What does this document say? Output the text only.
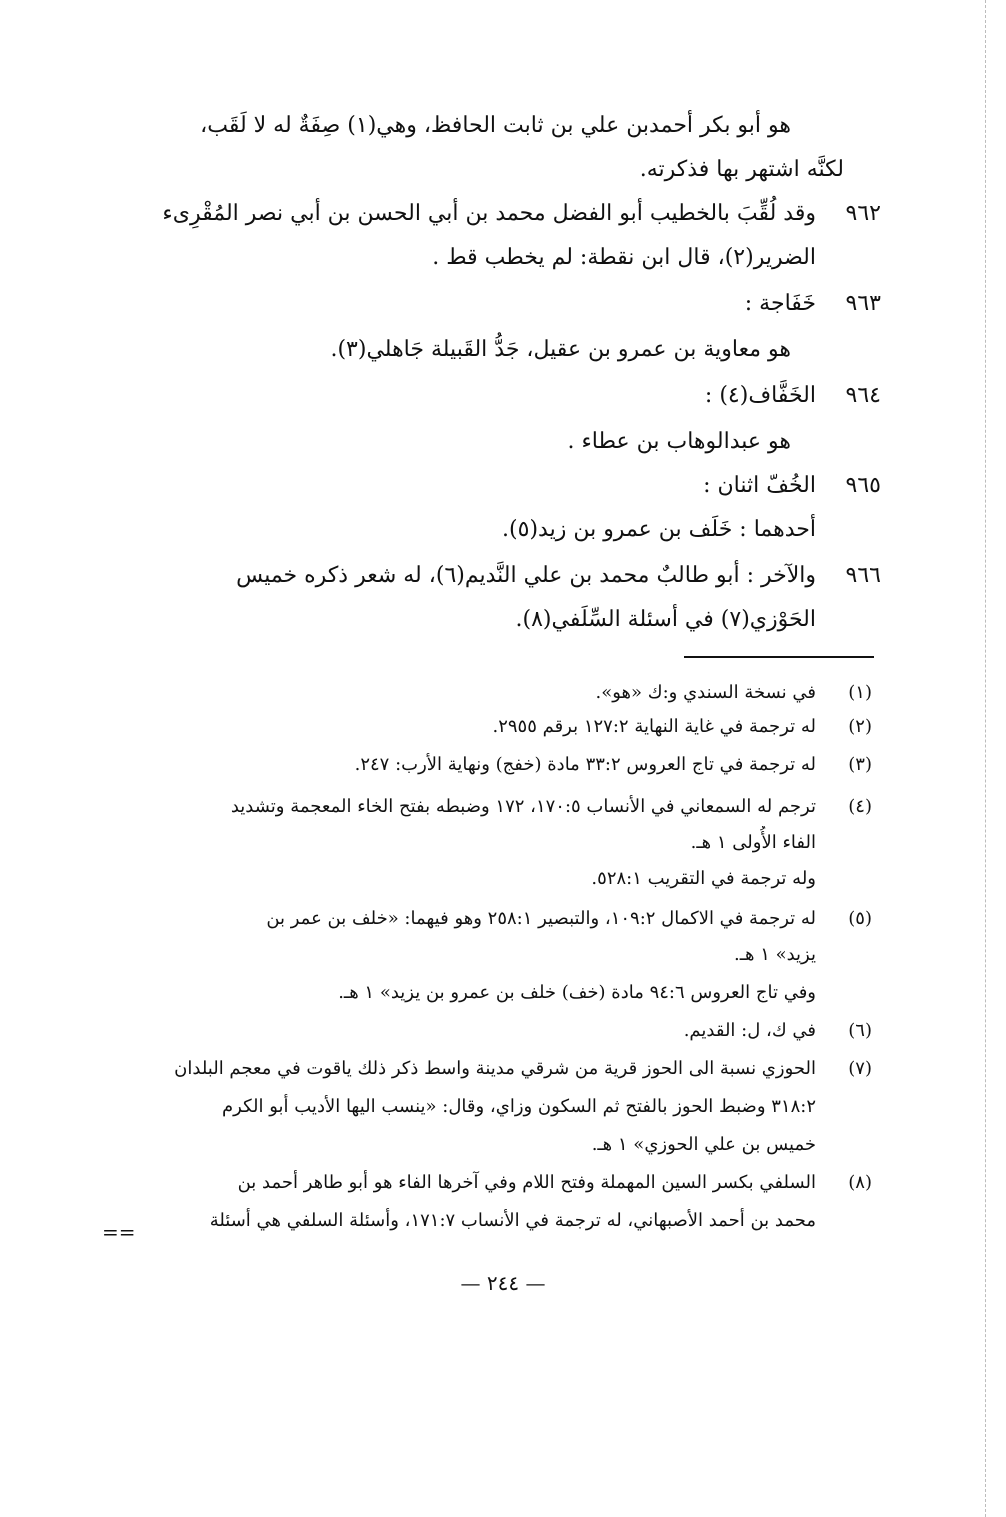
هو أبو بكر أحمدبن علي بن ثابت الحافظ، وهي(١) صِفَةٌ له لا لَقَب،
لكنَّه اشتهر بها فذكرته.
٩٦٢
وقد لُقِّبَ بالخطيب أبو الفضل محمد بن أبي الحسن بن أبي نصر المُقْرِىء
الضرير(٢)، قال ابن نقطة: لم يخطب قط .
٩٦٣
خَفَاجة :
هو معاوية بن عمرو بن عقيل، جَدُّ القَبيلة جَاهلي(٣).
٩٦٤
الخَفَّاف(٤) :
هو عبدالوهاب بن عطاء .
٩٦٥
الخُفّ اثنان :
أحدهما : خَلَف بن عمرو بن زيد(٥).
٩٦٦
والآخر : أبو طالبٌ محمد بن علي النَّديم(٦)، له شعر ذكره خميس
الحَوْزي(٧) في أسئلة السِّلَفي(٨).
(١)
في نسخة السندي و:ك «هو».
(٢)
له ترجمة في غاية النهاية ١٢٧:٢ برقم ٢٩٥٥.
(٣)
له ترجمة في تاج العروس ٣٣:٢ مادة (خفج) ونهاية الأرب: ٢٤٧.
(٤)
ترجم له السمعاني في الأنساب ١٧٠:٥، ١٧٢ وضبطه بفتح الخاء المعجمة وتشديد
الفاء الأُولى ١ هـ.
وله ترجمة في التقريب ٥٢٨:١.
(٥)
له ترجمة في الاكمال ١٠٩:٢، والتبصير ٢٥٨:١ وهو فيهما: «خلف بن عمر بن
يزيد» ١ هـ.
وفي تاج العروس ٩٤:٦ مادة (خف) خلف بن عمرو بن يزيد» ١ هـ.
(٦)
في ك، ل: القديم.
(٧)
الحوزي نسبة الى الحوز قرية من شرقي مدينة واسط ذكر ذلك ياقوت في معجم البلدان
٣١٨:٢ وضبط الحوز بالفتح ثم السكون وزاي، وقال: «ينسب اليها الأديب أبو الكرم
خميس بن علي الحوزي» ١ هـ.
(٨)
السلفي بكسر السين المهملة وفتح اللام وفي آخرها الفاء هو أبو طاهر أحمد بن
محمد بن أحمد الأصبهاني، له ترجمة في الأنساب ١٧١:٧، وأسئلة السلفي هي أسئلة
==
— ٢٤٤ —
